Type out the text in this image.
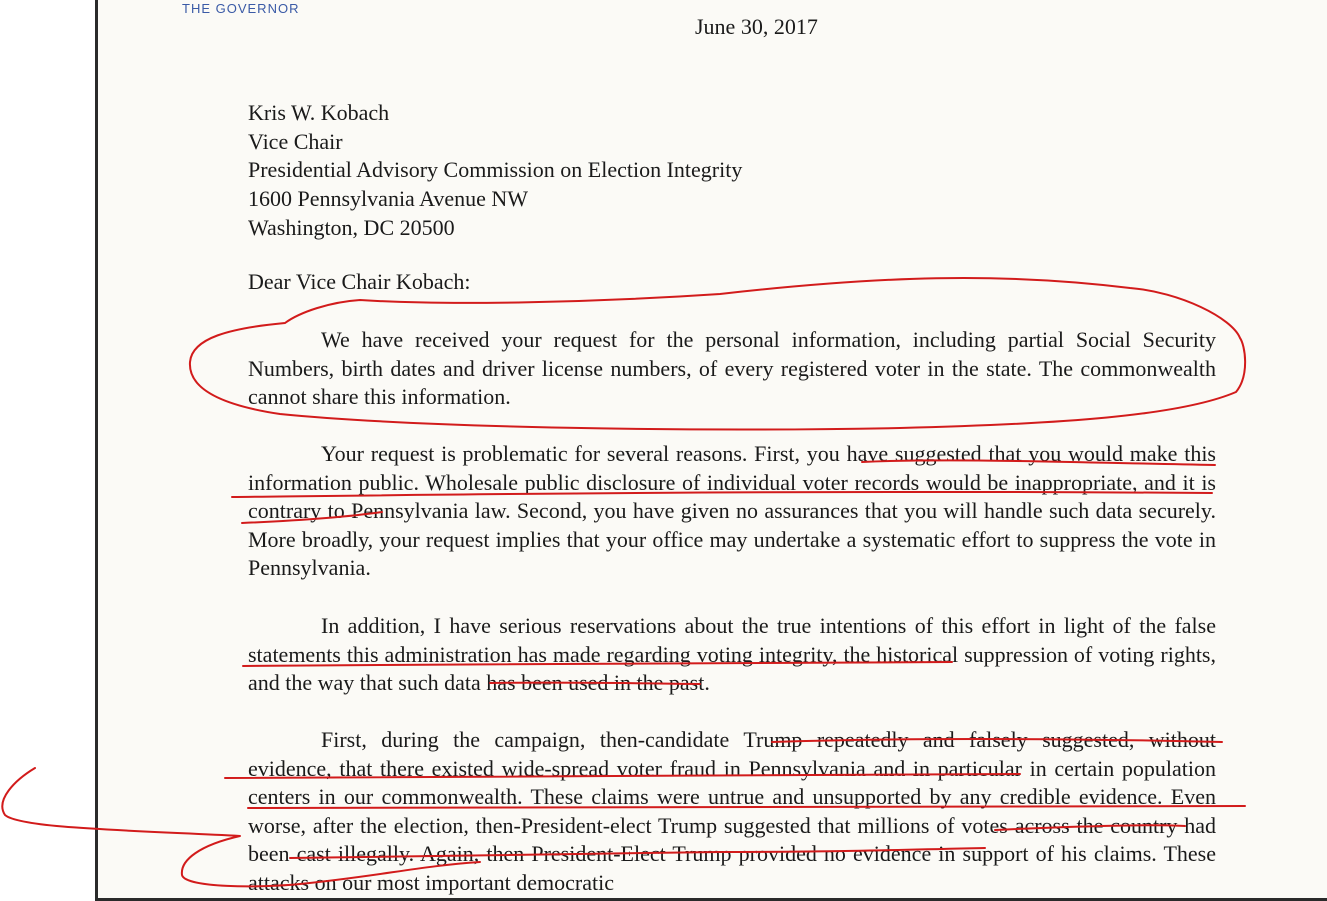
THE GOVERNOR
June 30, 2017
Kris W. Kobach
Vice Chair
Presidential Advisory Commission on Election Integrity
1600 Pennsylvania Avenue NW
Washington, DC 20500
Dear Vice Chair Kobach:

We have received your request for the personal information, including partial Social Security Numbers, birth dates and driver license numbers, of every registered voter in the state. The commonwealth cannot share this information.

Your request is problematic for several reasons. First, you have suggested that you would make this information public. Wholesale public disclosure of individual voter records would be inappropriate, and it is contrary to Pennsylvania law. Second, you have given no assurances that you will handle such data securely. More broadly, your request implies that your office may undertake a systematic effort to suppress the vote in Pennsylvania.

In addition, I have serious reservations about the true intentions of this effort in light of the false statements this administration has made regarding voting integrity, the historical suppression of voting rights, and the way that such data has been used in the past.

First, during the campaign, then-candidate Trump repeatedly and falsely suggested, without evidence, that there existed wide-spread voter fraud in Pennsylvania and in particular in certain population centers in our commonwealth. These claims were untrue and unsupported by any credible evidence. Even worse, after the election, then-President-elect Trump suggested that millions of votes across the country had been cast illegally. Again, then President-Elect Trump provided no evidence in support of his claims. These attacks on our most important democratic
